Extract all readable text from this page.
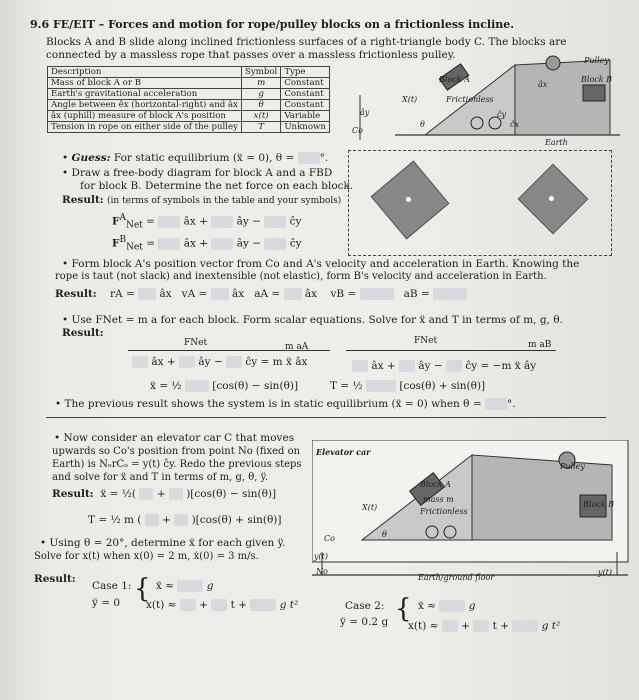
9.6 FE/EIT – Forces and motion for rope/pulley blocks on a frictionless incline.
Blocks A and B slide along inclined frictionless surfaces of a right-triangle body C. The blocks are
connected by a massless rope that passes over a massless frictionless pulley.
Description	Symbol	Type
Mass of block A or B	m	Constant
Earth's gravitational acceleration	g	Constant
Angle between êx (horizontal-right) and âx	θ	Constant
âx (uphill) measure of block A's position	x(t)	Variable
Tension in rope on either side of the pulley	T	Unknown
Block A	Block B
Frictionless
Pulley
Earth
X(t)
θ
Co
ây
âx
ĉy
ĉx
• Guess: For static equilibrium (ẍ = 0), θ = °.
• Draw a free-body diagram for block A and a FBD
for block B. Determine the net force on each block.
Result: (in terms of symbols in the table and your symbols)
$F^A_{Net}$ =  âx +	ây −	ĉy
$F^B_{Net}$ =  âx +	ây −	ĉy
• Form block A's position vector from Co and A's velocity and acceleration in Earth. Knowing the
rope is taut (not slack) and inextensible (not elastic), form B's velocity and acceleration in Earth.
Result: rA = âx vA = âx aA = âx vB =	aB =
• Use FNet = m a for each block. Form scalar equations. Solve for ẍ and T in terms of m, g, θ.
Result:
FNet	m aA
FNet	m aB
âx + ây − ĉy = m ẍ âx	âx + ây − ĉy = −m ẍ ây
ẍ = ½	[cos(θ) − sin(θ)]	T = ½	[cos(θ) + sin(θ)]
• The previous result shows the system is in static equilibrium (ẍ = 0) when θ = °.
• Now consider an elevator car C that moves
upwards so Co's position from point No (fixed on
Earth) is NₒrCₒ = y(t) ĉy. Redo the previous steps
and solve for ẍ and T in terms of m, g, θ, ÿ.
Result: ẍ = ½(  +  )[cos(θ) − sin(θ)]
T = ½ m (  +  )[cos(θ) + sin(θ)]
Elevator car
Block A
mass m
Frictionless
Pulley
Block B
Earth/ground floor
y(t)
y(t)
No
X(t)
θ
Co
• Using θ = 20°, determine ẍ for each given ÿ.
Solve for x(t) when x(0) = 2 m, ẋ(0) = 3 m/s.
Result:
Case 1:
ÿ = 0 { ẍ ≈	g
x(t) ≈ + t +	g t²	Case 2:
ÿ = 0.2 g { ẍ ≈	g
x(t) ≈ + t +	g t²
